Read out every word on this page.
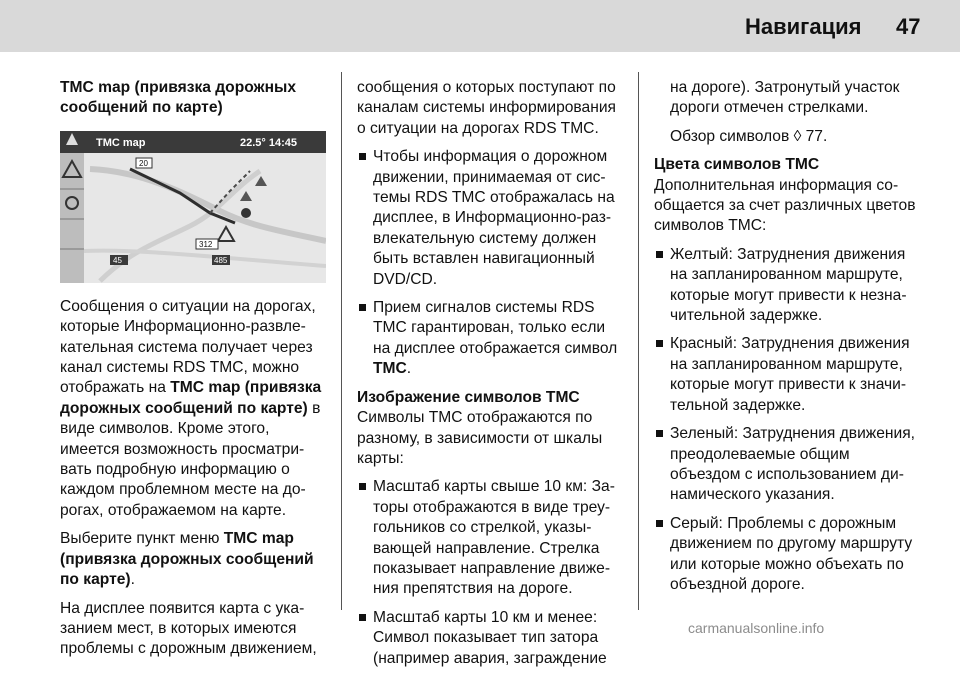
Навигация 47

TMC map (привязка дорожных сообщений по карте)

TMC map	22.5° 14:45
20
312
45	485

Сообщения о ситуации на дорогах, которые Информационно-развлекательная система получает через канал системы RDS TMC, можно отображать на TMC map (привязка дорожных сообщений по карте) в виде символов. Кроме этого, имеется возможность просматривать подробную информацию о каждом проблемном месте на дорогах, отображаемом на карте.

Выберите пункт меню TMC map (привязка дорожных сообщений по карте).

На дисплее появится карта с указанием мест, в которых имеются проблемы с дорожным движением,

сообщения о которых поступают по каналам системы информирования о ситуации на дорогах RDS TMC.

Чтобы информация о дорожном движении, принимаемая от системы RDS TMC отображалась на дисплее, в Информационно-развлекательную систему должен быть вставлен навигационный DVD/CD.
Прием сигналов системы RDS TMC гарантирован, только если на дисплее отображается символ TMC.

Изображение символов TMC

Символы TMC отображаются по разному, в зависимости от шкалы карты:

Масштаб карты свыше 10 км: Заторы отображаются в виде треугольников со стрелкой, указывающей направление. Стрелка показывает направление движения препятствия на дороге.
Масштаб карты 10 км и менее: Символ показывает тип затора (например авария, заграждение

на дороге). Затронутый участок дороги отмечен стрелками.

Обзор символов ◊ 77.

Цвета символов TMC

Дополнительная информация сообщается за счет различных цветов символов TMC:

Желтый: Затруднения движения на запланированном маршруте, которые могут привести к незначительной задержке.
Красный: Затруднения движения на запланированном маршруте, которые могут привести к значительной задержке.
Зеленый: Затруднения движения, преодолеваемые общим объездом с использованием динамического указания.
Серый: Проблемы с дорожным движением по другому маршруту или которые можно объехать по объездной дороге.
carmanualsonline.info
